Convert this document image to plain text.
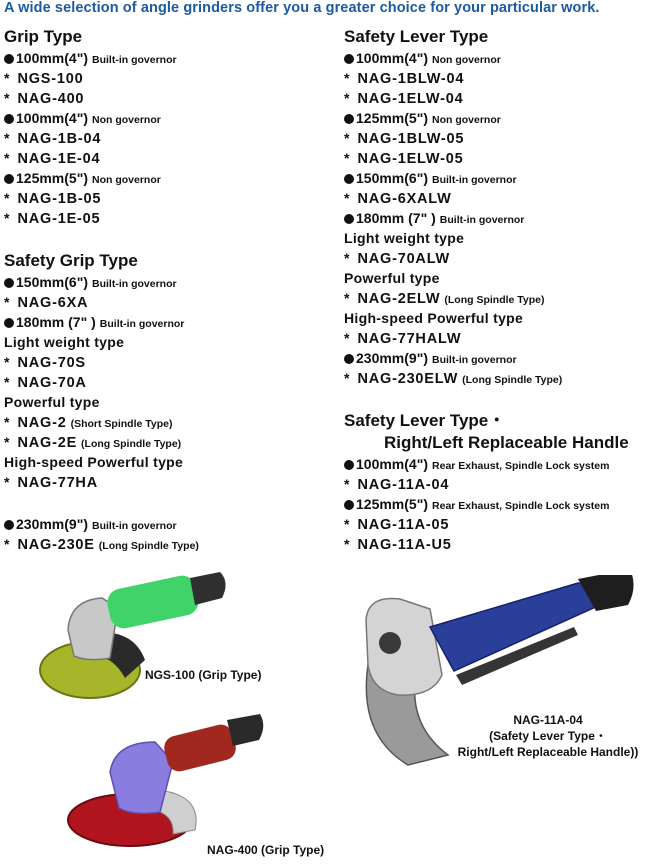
A wide selection of angle grinders offer you a greater choice for your particular work.
Grip Type
100mm(4") Built-in governor
* NGS-100
* NAG-400
100mm(4") Non governor
* NAG-1B-04
* NAG-1E-04
125mm(5") Non governor
* NAG-1B-05
* NAG-1E-05
Safety Grip Type
150mm(6") Built-in governor
* NAG-6XA
180mm (7" ) Built-in governor
Light weight type
* NAG-70S
* NAG-70A
Powerful type
* NAG-2 (Short Spindle Type)
* NAG-2E (Long Spindle Type)
High-speed Powerful type
* NAG-77HA
230mm(9") Built-in governor
* NAG-230E (Long Spindle Type)
Safety Lever Type
100mm(4") Non governor
* NAG-1BLW-04
* NAG-1ELW-04
125mm(5") Non governor
* NAG-1BLW-05
* NAG-1ELW-05
150mm(6") Built-in governor
* NAG-6XALW
180mm (7" ) Built-in governor
Light weight type
* NAG-70ALW
Powerful type
* NAG-2ELW (Long Spindle Type)
High-speed Powerful type
* NAG-77HALW
230mm(9") Built-in governor
* NAG-230ELW (Long Spindle Type)
Safety Lever Type・
Right/Left Replaceable Handle
100mm(4") Rear Exhaust, Spindle Lock system
* NAG-11A-04
125mm(5") Rear Exhaust, Spindle Lock system
* NAG-11A-05
* NAG-11A-U5
NGS-100 (Grip Type)
NAG-400 (Grip Type)
NAG-11A-04
(Safety Lever Type・
Right/Left Replaceable Handle))
